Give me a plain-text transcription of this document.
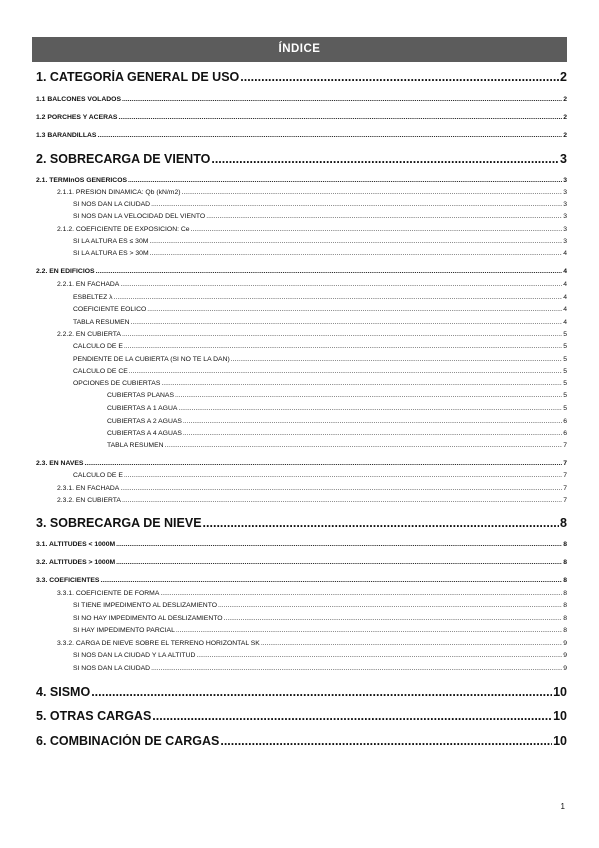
ÍNDICE
1. CATEGORÍA GENERAL DE USO .....	2
1.1 BALCONES VOLADOS .....	2
1.2 PORCHES Y ACERAS .....	2
1.3 BARANDILLAS .....	2
2. SOBRECARGA DE VIENTO .....	3
2.1. TÉRMInOS GENÉRICOS .....	3
2.1.1. PRESIÓN DINÁMICA: Qb (kN/m2) .....	3
SI NOS DAN LA CIUDAD .....	3
SI NOS DAN LA VELOCIDAD DEL VIENTO .....	3
2.1.2. COEFICIENTE DE EXPOSICIÓN: Ce .....	3
SI LA ALTURA ES ≤ 30M .....	3
SI LA ALTURA ES > 30M .....	4
2.2. EN EDIFICIOS .....	4
2.2.1. EN FACHADA .....	4
ESBELTEZ λ .....	4
COEFICIENTE EÓLICO .....	4
TABLA RESUMEN .....	4
2.2.2. EN CUBIERTA .....	5
CÁLCULO DE E .....	5
PENDIENTE DE LA CUBIERTA (SI NO TE LA DAN) .....	5
CÁLCULO DE CE .....	5
OPCIONES DE CUBIERTAS .....	5
CUBIERTAS PLANAS .....	5
CUBIERTAS A 1 AGUA .....	5
CUBIERTAS A 2 AGUAS .....	6
CUBIERTAS A 4 AGUAS .....	6
TABLA RESUMEN .....	7
2.3. EN NAVES .....	7
CÁLCULO DE E .....	7
2.3.1. EN FACHADA .....	7
2.3.2. EN CUBIERTA .....	7
3. SOBRECARGA DE NIEVE .....	8
3.1. ALTITUDES < 1000M .....	8
3.2. ALTITUDES > 1000M .....	8
3.3. COEFICIENTES .....	8
3.3.1. COEFICIENTE DE FORMA .....	8
SI TIENE IMPEDIMENTO AL DESLIZAMIENTO .....	8
SI NO HAY IMPEDIMENTO AL DESLIZAMIENTO .....	8
SI HAY IMPEDIMENTO PARCIAL .....	8
3.3.2. CARGA DE NIEVE SOBRE EL TERRENO HORIZONTAL SK .....	9
SI NOS DAN LA CIUDAD Y LA ALTITUD .....	9
SI NOS DAN LA CIUDAD .....	9
4. SISMO .....	10
5. OTRAS CARGAS .....	10
6. COMBINACIÓN DE CARGAS .....	10
1
